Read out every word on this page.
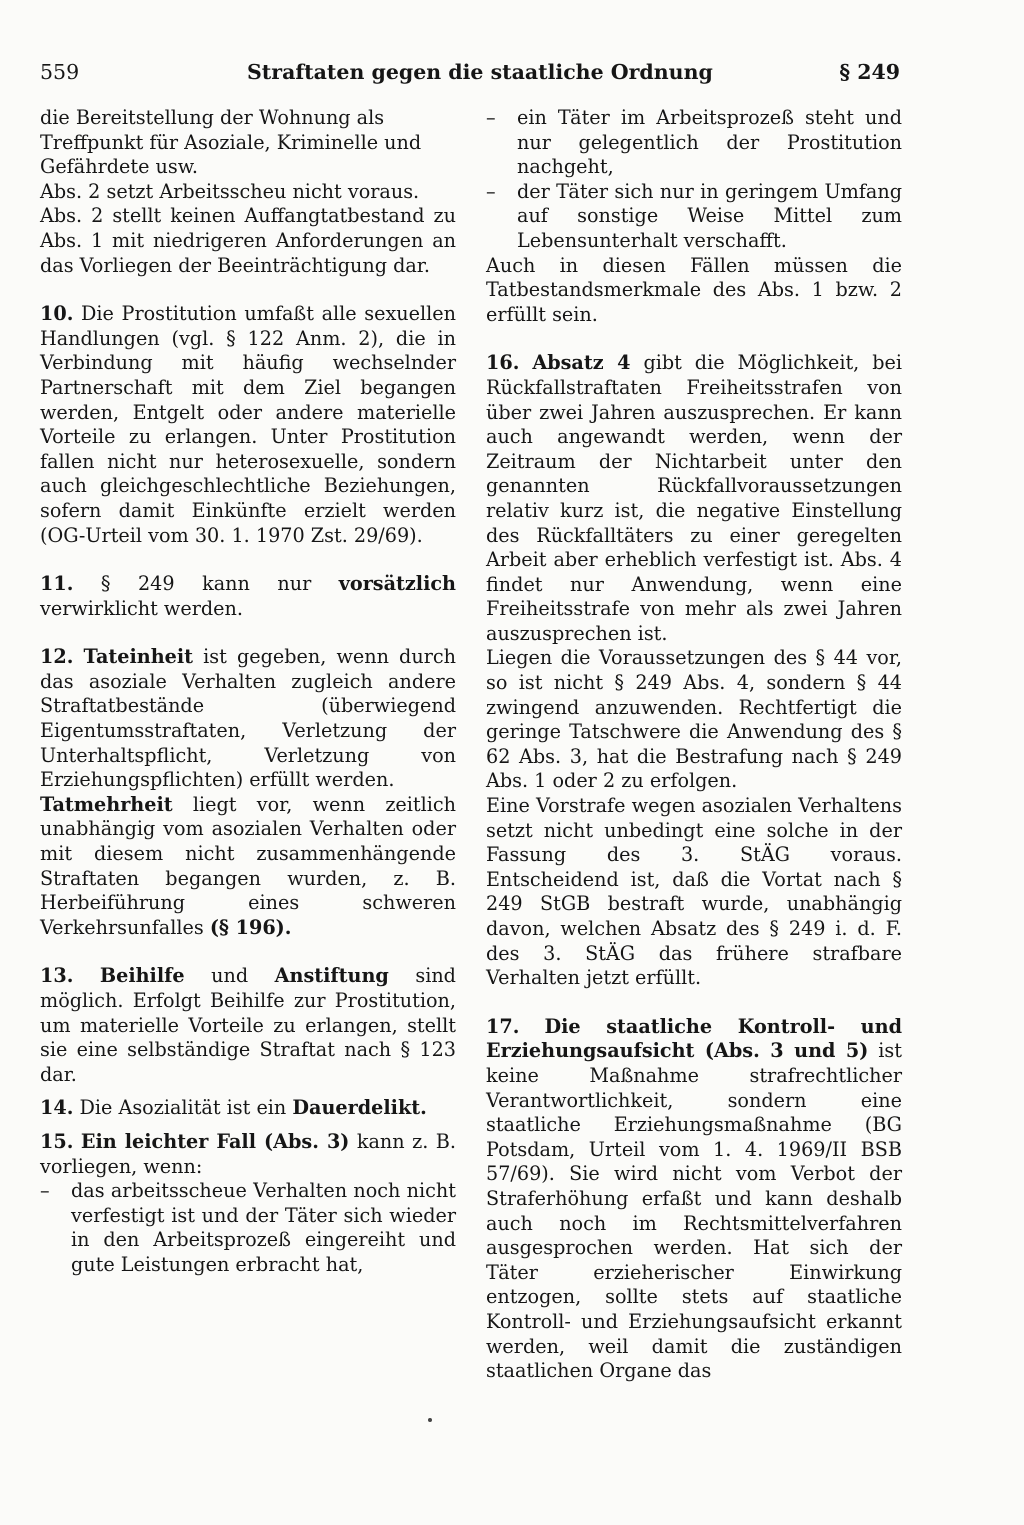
559	Straftaten gegen die staatliche Ordnung	§ 249

die Bereitstellung der Wohnung als Treffpunkt für Asoziale, Kriminelle und Gefährdete usw.

Abs. 2 setzt Arbeitsscheu nicht voraus.

Abs. 2 stellt keinen Auffangtatbestand zu Abs. 1 mit niedrigeren Anforderungen an das Vorliegen der Beeinträchtigung dar.

10. Die Prostitution umfaßt alle sexuellen Handlungen (vgl. § 122 Anm. 2), die in Verbindung mit häufig wechselnder Partnerschaft mit dem Ziel begangen werden, Entgelt oder andere materielle Vorteile zu erlangen. Unter Prostitution fallen nicht nur heterosexuelle, sondern auch gleichgeschlechtliche Beziehungen, sofern damit Einkünfte erzielt werden (OG-Urteil vom 30. 1. 1970 Zst. 29/69).

11. § 249 kann nur vorsätzlich verwirklicht werden.

12. Tateinheit ist gegeben, wenn durch das asoziale Verhalten zugleich andere Straftatbestände (überwiegend Eigentumsstraftaten, Verletzung der Unterhaltspflicht, Verletzung von Erziehungspflichten) erfüllt werden.

Tatmehrheit liegt vor, wenn zeitlich unabhängig vom asozialen Verhalten oder mit diesem nicht zusammenhängende Straftaten begangen wurden, z. B. Herbeiführung eines schweren Verkehrsunfalles (§ 196).

13. Beihilfe und Anstiftung sind möglich. Erfolgt Beihilfe zur Prostitution, um materielle Vorteile zu erlangen, stellt sie eine selbständige Straftat nach § 123 dar.

14. Die Asozialität ist ein Dauerdelikt.

15. Ein leichter Fall (Abs. 3) kann z. B. vorliegen, wenn:

–	das arbeitsscheue Verhalten noch nicht verfestigt ist und der Täter sich wieder in den Arbeitsprozeß eingereiht und gute Leistungen erbracht hat,
–	ein Täter im Arbeitsprozeß steht und nur gelegentlich der Prostitution nachgeht,
–	der Täter sich nur in geringem Umfang auf sonstige Weise Mittel zum Lebensunterhalt verschafft.

Auch in diesen Fällen müssen die Tatbestandsmerkmale des Abs. 1 bzw. 2 erfüllt sein.

16. Absatz 4 gibt die Möglichkeit, bei Rückfallstraftaten Freiheitsstrafen von über zwei Jahren auszusprechen. Er kann auch angewandt werden, wenn der Zeitraum der Nichtarbeit unter den genannten Rückfallvoraussetzungen relativ kurz ist, die negative Einstellung des Rückfalltäters zu einer geregelten Arbeit aber erheblich verfestigt ist. Abs. 4 findet nur Anwendung, wenn eine Freiheitsstrafe von mehr als zwei Jahren auszusprechen ist.

Liegen die Voraussetzungen des § 44 vor, so ist nicht § 249 Abs. 4, sondern § 44 zwingend anzuwenden. Rechtfertigt die geringe Tatschwere die Anwendung des § 62 Abs. 3, hat die Bestrafung nach § 249 Abs. 1 oder 2 zu erfolgen.

Eine Vorstrafe wegen asozialen Verhaltens setzt nicht unbedingt eine solche in der Fassung des 3. StÄG voraus. Entscheidend ist, daß die Vortat nach § 249 StGB bestraft wurde, unabhängig davon, welchen Absatz des § 249 i. d. F. des 3. StÄG das frühere strafbare Verhalten jetzt erfüllt.

17. Die staatliche Kontroll- und Erziehungsaufsicht (Abs. 3 und 5) ist keine Maßnahme strafrechtlicher Verantwortlichkeit, sondern eine staatliche Erziehungsmaßnahme (BG Potsdam, Urteil vom 1. 4. 1969/II BSB 57/69). Sie wird nicht vom Verbot der Straferhöhung erfaßt und kann deshalb auch noch im Rechtsmittelverfahren ausgesprochen werden. Hat sich der Täter erzieherischer Einwirkung entzogen, sollte stets auf staatliche Kontroll- und Erziehungsaufsicht erkannt werden, weil damit die zuständigen staatlichen Organe das
